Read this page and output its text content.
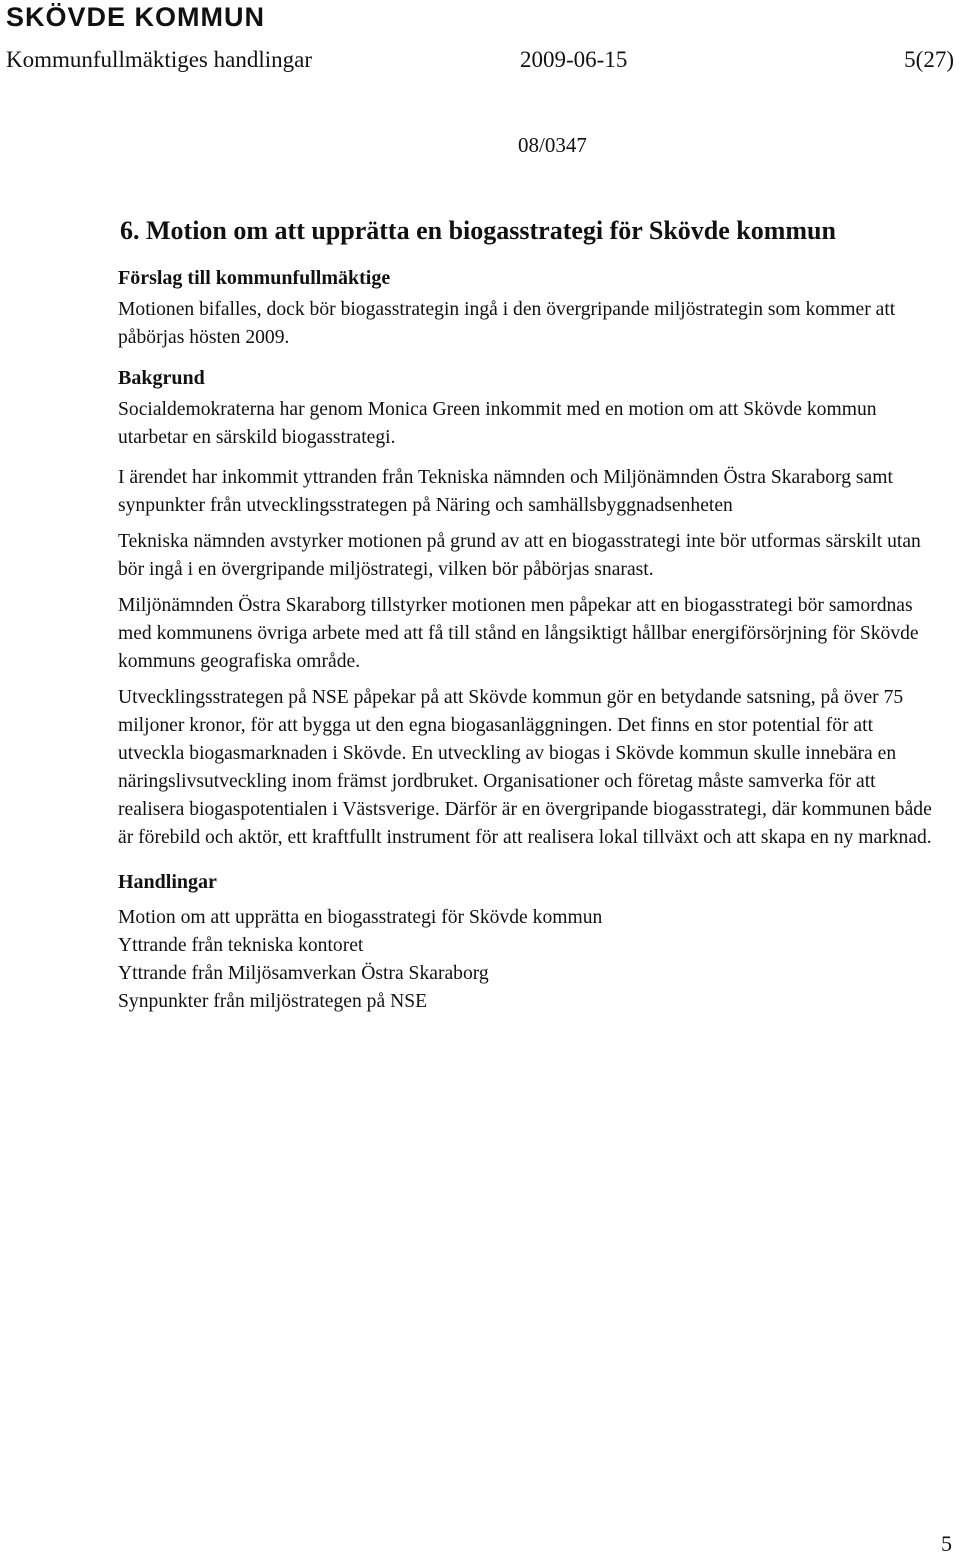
SKÖVDE KOMMUN
Kommunfullmäktiges handlingar	2009-06-15	5(27)
08/0347
6. Motion om att upprätta en biogasstrategi för Skövde kommun
Förslag till kommunfullmäktige

Motionen bifalles, dock bör biogasstrategin ingå i den övergripande miljöstrategin som kommer att påbörjas hösten 2009.

Bakgrund

Socialdemokraterna har genom Monica Green inkommit med en motion om att Skövde kommun utarbetar en särskild biogasstrategi.

I ärendet har inkommit yttranden från Tekniska nämnden och Miljönämnden Östra Skaraborg samt synpunkter från utvecklingsstrategen på Näring och samhällsbyggnadsenheten

Tekniska nämnden avstyrker motionen på grund av att en biogasstrategi inte bör utformas särskilt utan bör ingå i en övergripande miljöstrategi, vilken bör påbörjas snarast.

Miljönämnden Östra Skaraborg tillstyrker motionen men påpekar att en biogasstrategi bör samordnas med kommunens övriga arbete med att få till stånd en långsiktigt hållbar energiförsörjning för Skövde kommuns geografiska område.

Utvecklingsstrategen på NSE påpekar på att Skövde kommun gör en betydande satsning, på över 75 miljoner kronor, för att bygga ut den egna biogasanläggningen. Det finns en stor potential för att utveckla biogasmarknaden i Skövde. En utveckling av biogas i Skövde kommun skulle innebära en näringslivsutveckling inom främst jordbruket. Organisationer och företag måste samverka för att realisera biogaspotentialen i Västsverige. Därför är en övergripande biogasstrategi, där kommunen både är förebild och aktör, ett kraftfullt instrument för att realisera lokal tillväxt och att skapa en ny marknad.

Handlingar
Motion om att upprätta en biogasstrategi för Skövde kommun
Yttrande från tekniska kontoret
Yttrande från Miljösamverkan Östra Skaraborg
Synpunkter från miljöstrategen på NSE
5
